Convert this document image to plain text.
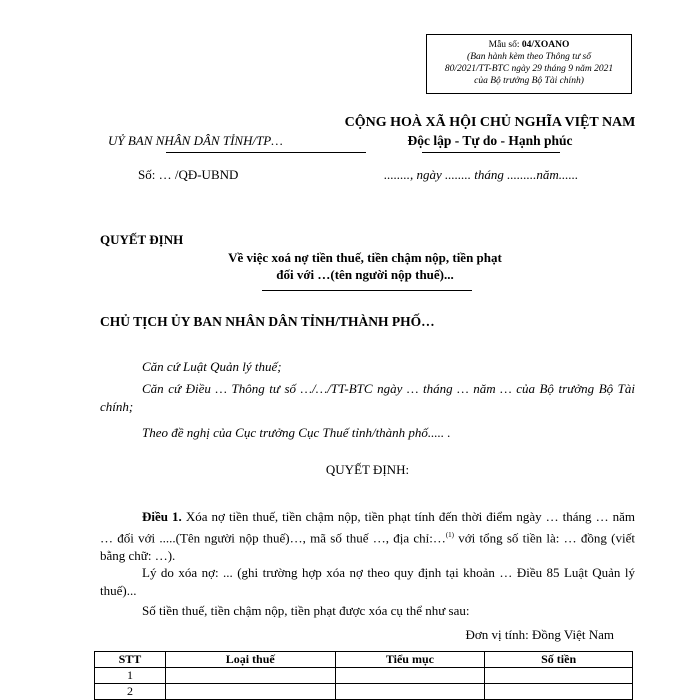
Mẫu số: 04/XOANO
(Ban hành kèm theo Thông tư số
80/2021/TT-BTC ngày 29 tháng 9 năm 2021
của Bộ trưởng Bộ Tài chính)
UỶ BAN NHÂN DÂN TỈNH/TP…
CỘNG HOÀ XÃ HỘI CHỦ NGHĨA VIỆT NAM
Độc lập - Tự do - Hạnh phúc
Số: … /QĐ-UBND	........, ngày ........ tháng .........năm......
QUYẾT ĐỊNH
Về việc xoá nợ tiền thuế, tiền chậm nộp, tiền phạt
đối với …(tên người nộp thuế)...
CHỦ TỊCH ỦY BAN NHÂN DÂN TỈNH/THÀNH PHỐ…
Căn cứ Luật Quản lý thuế;
Căn cứ Điều … Thông tư số …/…/TT-BTC ngày … tháng … năm … của Bộ trưởng Bộ Tài chính;
Theo đề nghị của Cục trưởng Cục Thuế tỉnh/thành phố..... .
QUYẾT ĐỊNH:
Điều 1. Xóa nợ tiền thuế, tiền chậm nộp, tiền phạt tính đến thời điểm ngày … tháng … năm … đối với .....(Tên người nộp thuế)…, mã số thuế …, địa chỉ:…$^{(1)}$ với tổng số tiền là: … đồng (viết bằng chữ: …).
Lý do xóa nợ: ... (ghi trường hợp xóa nợ theo quy định tại khoản … Điều 85 Luật Quản lý thuế)...
Số tiền thuế, tiền chậm nộp, tiền phạt được xóa cụ thể như sau:
Đơn vị tính: Đồng Việt Nam
STT	Loại thuế	Tiểu mục	Số tiền
1			
2			
